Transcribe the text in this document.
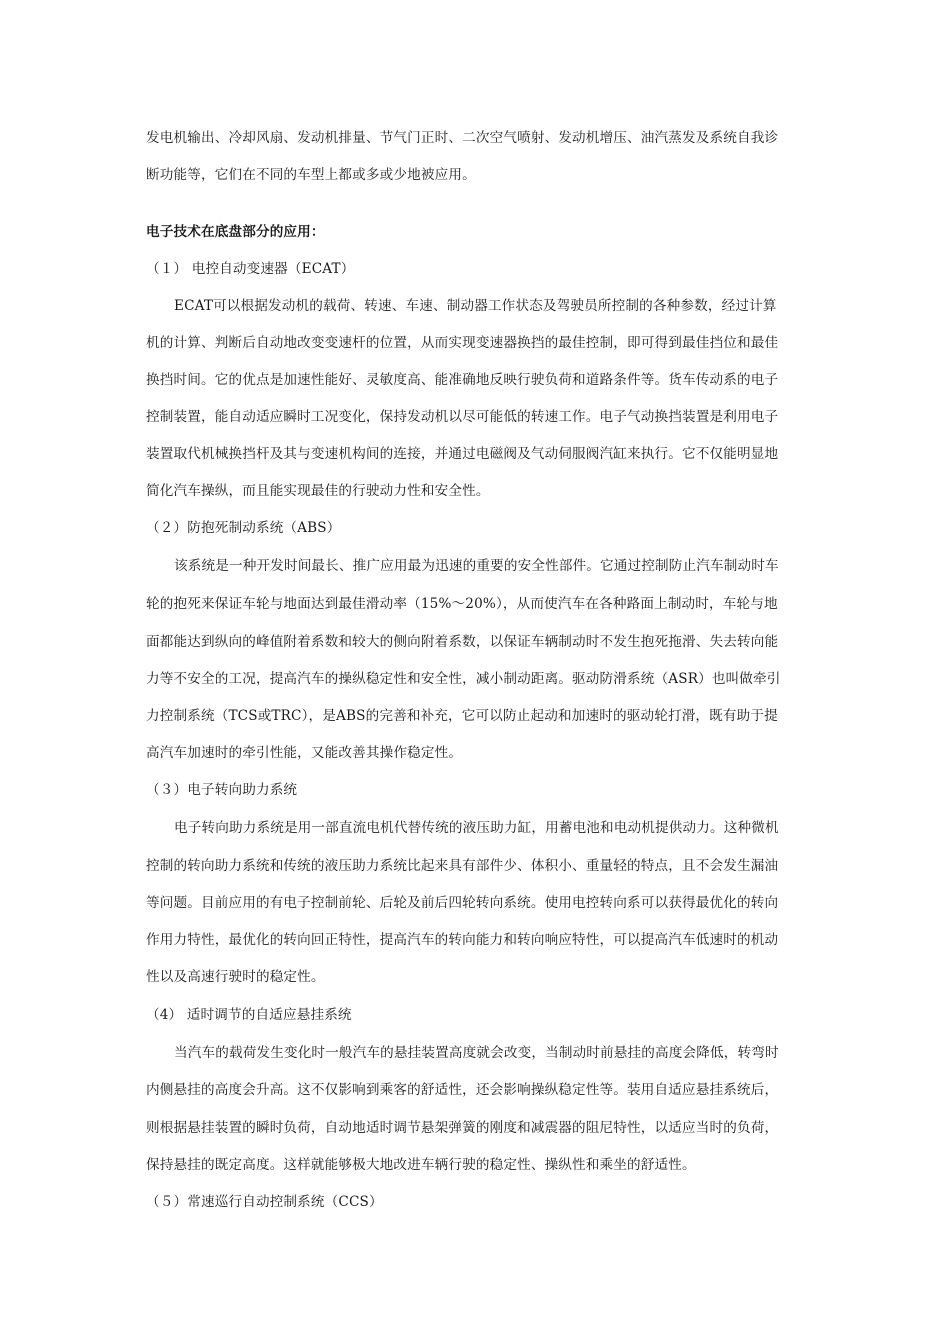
发电机输出、冷却风扇、发动机排量、节气门正时、二次空气喷射、发动机增压、油汽蒸发及系统自我诊
断功能等，它们在不同的车型上都或多或少地被应用。
电子技术在底盘部分的应用：
（１） 电控自动变速器（ECAT）
ECAT可以根据发动机的载荷、转速、车速、制动器工作状态及驾驶员所控制的各种参数，经过计算
机的计算、判断后自动地改变变速杆的位置，从而实现变速器换挡的最佳控制，即可得到最佳挡位和最佳
换挡时间。它的优点是加速性能好、灵敏度高、能准确地反映行驶负荷和道路条件等。货车传动系的电子
控制装置，能自动适应瞬时工况变化，保持发动机以尽可能低的转速工作。电子气动换挡装置是利用电子
装置取代机械换挡杆及其与变速机构间的连接，并通过电磁阀及气动伺服阀汽缸来执行。它不仅能明显地
简化汽车操纵，而且能实现最佳的行驶动力性和安全性。
（２）防抱死制动系统（ABS）
该系统是一种开发时间最长、推广应用最为迅速的重要的安全性部件。它通过控制防止汽车制动时车
轮的抱死来保证车轮与地面达到最佳滑动率（15%～20%），从而使汽车在各种路面上制动时，车轮与地
面都能达到纵向的峰值附着系数和较大的侧向附着系数，以保证车辆制动时不发生抱死拖滑、失去转向能
力等不安全的工况，提高汽车的操纵稳定性和安全性，减小制动距离。驱动防滑系统（ASR）也叫做牵引
力控制系统（TCS或TRC），是ABS的完善和补充，它可以防止起动和加速时的驱动轮打滑，既有助于提
高汽车加速时的牵引性能，又能改善其操作稳定性。
（３）电子转向助力系统
电子转向助力系统是用一部直流电机代替传统的液压助力缸，用蓄电池和电动机提供动力。这种微机
控制的转向助力系统和传统的液压助力系统比起来具有部件少、体积小、重量轻的特点，且不会发生漏油
等问题。目前应用的有电子控制前轮、后轮及前后四轮转向系统。使用电控转向系可以获得最优化的转向
作用力特性，最优化的转向回正特性，提高汽车的转向能力和转向响应特性，可以提高汽车低速时的机动
性以及高速行驶时的稳定性。
（4） 适时调节的自适应悬挂系统
当汽车的载荷发生变化时一般汽车的悬挂装置高度就会改变，当制动时前悬挂的高度会降低，转弯时
内侧悬挂的高度会升高。这不仅影响到乘客的舒适性，还会影响操纵稳定性等。装用自适应悬挂系统后，
则根据悬挂装置的瞬时负荷，自动地适时调节悬架弹簧的刚度和减震器的阻尼特性，以适应当时的负荷，
保持悬挂的既定高度。这样就能够极大地改进车辆行驶的稳定性、操纵性和乘坐的舒适性。
（５）常速巡行自动控制系统（CCS）
